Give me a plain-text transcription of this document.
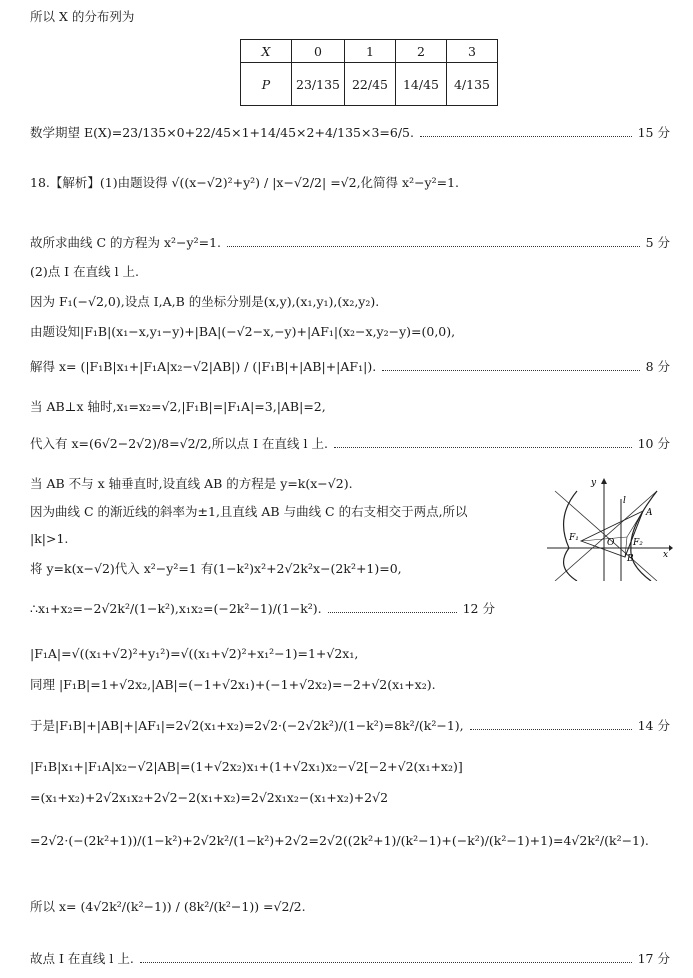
所以 X 的分布列为
X	0	1	2	3
P	23/135	22/45	14/45	4/135
数学期望 E(X)=23/135×0+22/45×1+14/45×2+4/135×3=6/5.	15 分
18.【解析】(1)由题设得 √((x−√2)²+y²) / |x−√2/2| =√2,化简得 x²−y²=1.
故所求曲线 C 的方程为 x²−y²=1.	5 分
(2)点 I 在直线 l 上.
因为 F₁(−√2,0),设点 I,A,B 的坐标分别是(x,y),(x₁,y₁),(x₂,y₂).
由题设知|F₁B|(x₁−x,y₁−y)+|BA|(−√2−x,−y)+|AF₁|(x₂−x,y₂−y)=(0,0),
解得 x= (|F₁B|x₁+|F₁A|x₂−√2|AB|) / (|F₁B|+|AB|+|AF₁|).	8 分
当 AB⊥x 轴时,x₁=x₂=√2,|F₁B|=|F₁A|=3,|AB|=2,
代入有 x=(6√2−2√2)/8=√2/2,所以点 I 在直线 l 上.	10 分
当 AB 不与 x 轴垂直时,设直线 AB 的方程是 y=k(x−√2).
因为曲线 C 的渐近线的斜率为±1,且直线 AB 与曲线 C 的右支相交于两点,所以
|k|>1.
将 y=k(x−√2)代入 x²−y²=1 有(1−k²)x²+2√2k²x−(2k²+1)=0,
∴x₁+x₂=−2√2k²/(1−k²),x₁x₂=(−2k²−1)/(1−k²).	12 分
|F₁A|=√((x₁+√2)²+y₁²)=√((x₁+√2)²+x₁²−1)=1+√2x₁,
同理 |F₁B|=1+√2x₂,|AB|=(−1+√2x₁)+(−1+√2x₂)=−2+√2(x₁+x₂).
于是|F₁B|+|AB|+|AF₁|=2√2(x₁+x₂)=2√2·(−2√2k²)/(1−k²)=8k²/(k²−1),	14 分
|F₁B|x₁+|F₁A|x₂−√2|AB|=(1+√2x₂)x₁+(1+√2x₁)x₂−√2[−2+√2(x₁+x₂)]
=(x₁+x₂)+2√2x₁x₂+2√2−2(x₁+x₂)=2√2x₁x₂−(x₁+x₂)+2√2
=2√2·(−(2k²+1))/(1−k²)+2√2k²/(1−k²)+2√2=2√2((2k²+1)/(k²−1)+(−k²)/(k²−1)+1)=4√2k²/(k²−1).
所以 x= (4√2k²/(k²−1)) / (8k²/(k²−1)) =√2/2.
故点 I 在直线 l 上.	17 分
y
l
A
F₁	O F₂
B	x
